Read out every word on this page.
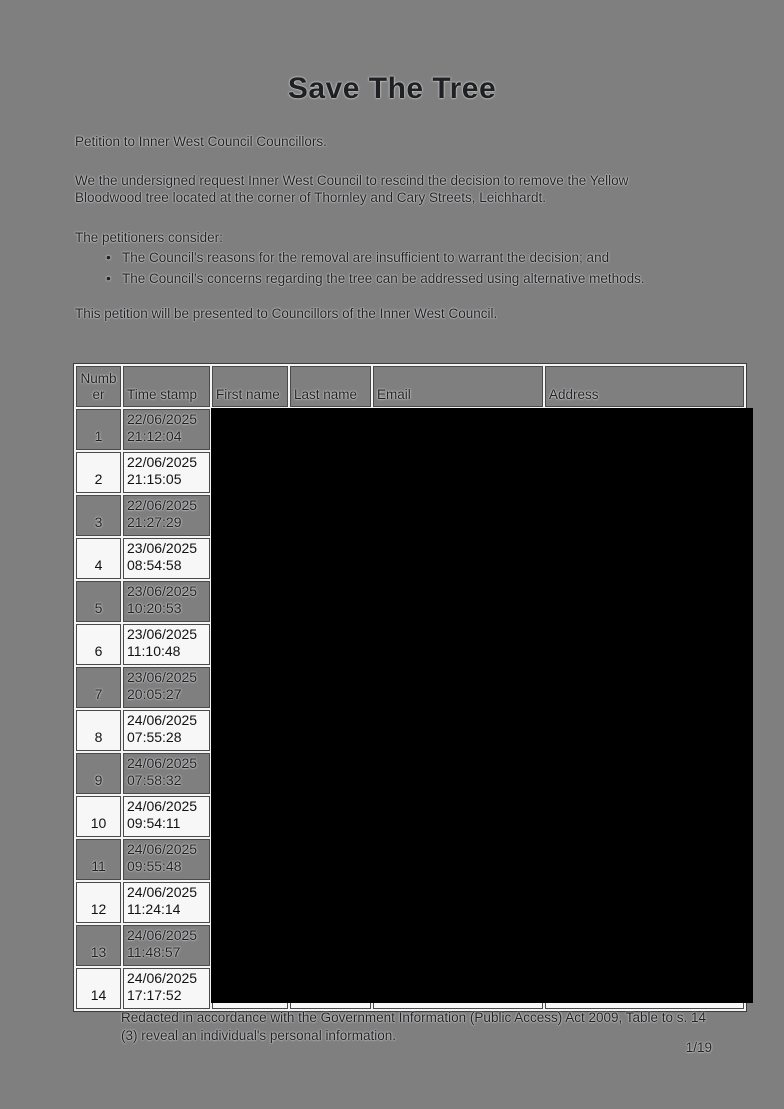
Save The Tree

Petition to Inner West Council Councillors.

We the undersigned request Inner West Council to rescind the decision to remove the Yellow Bloodwood tree located at the corner of Thornley and Cary Streets, Leichhardt.

The petitioners consider:

• The Council's reasons for the removal are insufficient to warrant the decision; and
• The Council's concerns regarding the tree can be addressed using alternative methods.

This petition will be presented to Councillors of the Inner West Council.

Number	Time stamp	First name	Last name	Email	Address
1	22/06/2025
21:12:04				

2	22/06/2025
21:15:05				

3	22/06/2025
21:27:29				

4	23/06/2025
08:54:58				

5	23/06/2025
10:20:53				

6	23/06/2025
11:10:48				

7	23/06/2025
20:05:27				

8	24/06/2025
07:55:28				

9	24/06/2025
07:58:32				

10	24/06/2025
09:54:11				

11	24/06/2025
09:55:48				

12	24/06/2025
11:24:14				

13	24/06/2025
11:48:57				

14	24/06/2025
17:17:52				

Redacted in accordance with the Government Information (Public Access) Act 2009, Table to s. 14 (3) reveal an individual's personal information.
1/19
